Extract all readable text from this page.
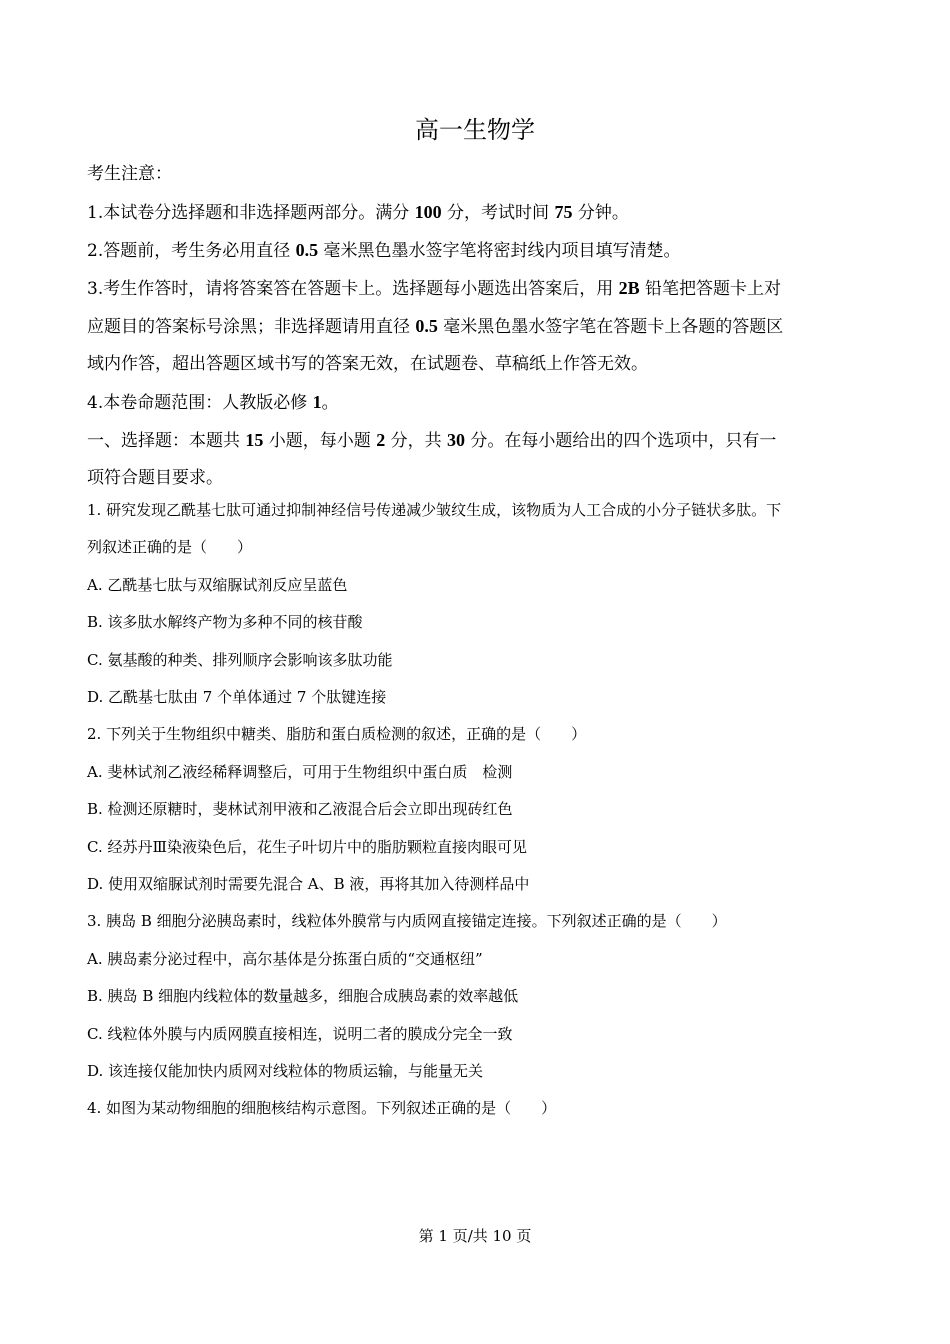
高一生物学
考生注意：
1.本试卷分选择题和非选择题两部分。满分 100 分，考试时间 75 分钟。
2.答题前，考生务必用直径 0.5 毫米黑色墨水签字笔将密封线内项目填写清楚。
3.考生作答时，请将答案答在答题卡上。选择题每小题选出答案后，用 2B 铅笔把答题卡上对
应题目的答案标号涂黑；非选择题请用直径 0.5 毫米黑色墨水签字笔在答题卡上各题的答题区
域内作答，超出答题区域书写的答案无效，在试题卷、草稿纸上作答无效。
4.本卷命题范围：人教版必修 1。
一、选择题：本题共 15 小题，每小题 2 分，共 30 分。在每小题给出的四个选项中，只有一
项符合题目要求。
1. 研究发现乙酰基七肽可通过抑制神经信号传递减少皱纹生成，该物质为人工合成的小分子链状多肽。下
列叙述正确的是（　　）
A. 乙酰基七肽与双缩脲试剂反应呈蓝色
B. 该多肽水解终产物为多种不同的核苷酸
C. 氨基酸的种类、排列顺序会影响该多肽功能
D. 乙酰基七肽由 7 个单体通过 7 个肽键连接
2. 下列关于生物组织中糖类、脂肪和蛋白质检测的叙述，正确的是（　　）
A. 斐林试剂乙液经稀释调整后，可用于生物组织中蛋白质　检测
B. 检测还原糖时，斐林试剂甲液和乙液混合后会立即出现砖红色
C. 经苏丹Ⅲ染液染色后，花生子叶切片中的脂肪颗粒直接肉眼可见
D. 使用双缩脲试剂时需要先混合 A、B 液，再将其加入待测样品中
3. 胰岛 B 细胞分泌胰岛素时，线粒体外膜常与内质网直接锚定连接。下列叙述正确的是（　　）
A. 胰岛素分泌过程中，高尔基体是分拣蛋白质的“交通枢纽”
B. 胰岛 B 细胞内线粒体的数量越多，细胞合成胰岛素的效率越低
C. 线粒体外膜与内质网膜直接相连，说明二者的膜成分完全一致
D. 该连接仅能加快内质网对线粒体的物质运输，与能量无关
4. 如图为某动物细胞的细胞核结构示意图。下列叙述正确的是（　　）
第 1 页/共 10 页
